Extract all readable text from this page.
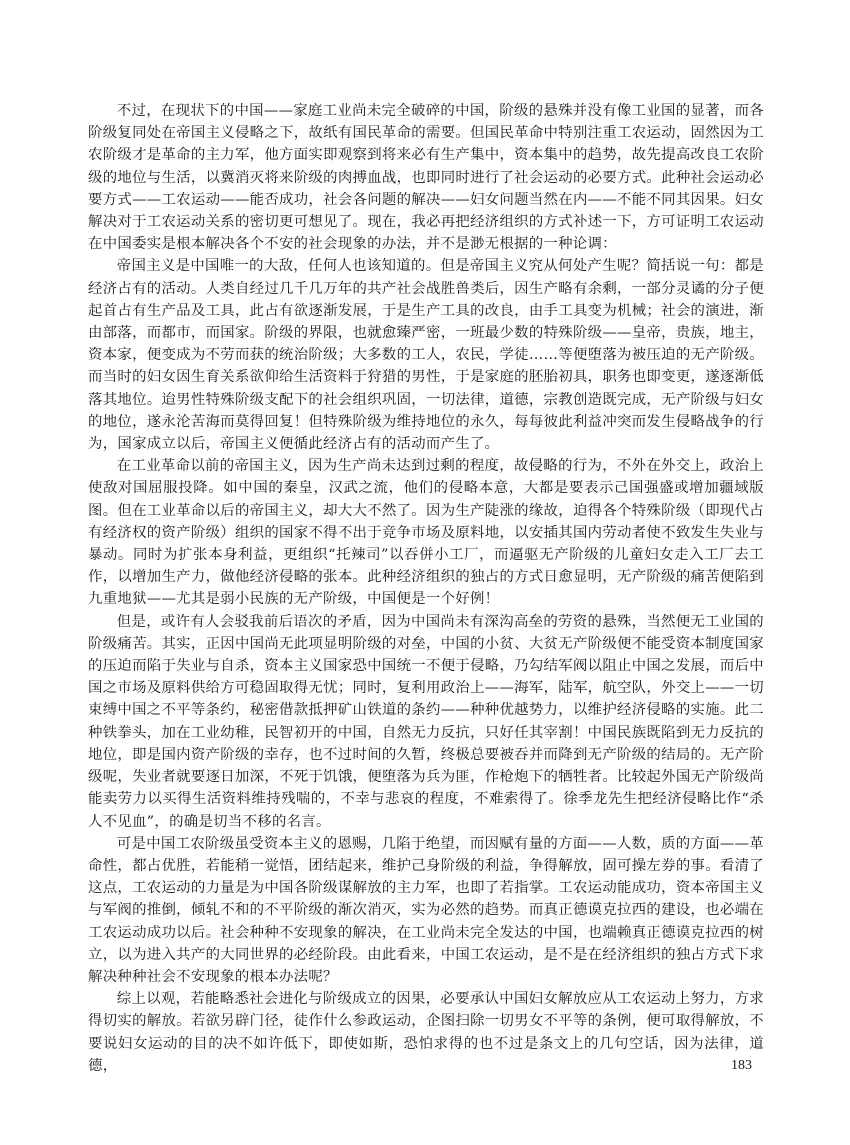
不过，在现状下的中国——家庭工业尚未完全破碎的中国，阶级的悬殊并没有像工业国的显著，而各阶级复同处在帝国主义侵略之下，故纸有国民革命的需要。但国民革命中特别注重工农运动，固然因为工农阶级才是革命的主力军，他方面实即观察到将来必有生产集中，资本集中的趋势，故先提高改良工农阶级的地位与生活，以冀消灭将来阶级的肉搏血战，也即同时进行了社会运动的必要方式。此种社会运动必要方式——工农运动——能否成功，社会各问题的解决——妇女问题当然在内——不能不同其因果。妇女解决对于工农运动关系的密切更可想见了。现在，我必再把经济组织的方式补述一下，方可证明工农运动在中国委实是根本解决各个不安的社会现象的办法，并不是渺无根据的一种论调：

帝国主义是中国唯一的大敌，任何人也该知道的。但是帝国主义究从何处产生呢？简括说一句：都是经济占有的活动。人类自经过几千几万年的共产社会战胜兽类后，因生产略有余剩，一部分灵谲的分子便起首占有生产品及工具，此占有欲逐渐发展，于是生产工具的改良，由手工具变为机械；社会的演进，渐由部落，而都市，而国家。阶级的界限，也就愈臻严密，一班最少数的特殊阶级——皇帝，贵族，地主，资本家，便变成为不劳而获的统治阶级；大多数的工人，农民，学徒……等便堕落为被压迫的无产阶级。而当时的妇女因生育关系欲仰给生活资料于狩猎的男性，于是家庭的胚胎初具，职务也即变更，遂逐渐低落其地位。迨男性特殊阶级支配下的社会组织巩固，一切法律，道德，宗教创造既完成，无产阶级与妇女的地位，遂永沦苦海而莫得回复！但特殊阶级为维持地位的永久，每每彼此利益冲突而发生侵略战争的行为，国家成立以后，帝国主义便循此经济占有的活动而产生了。

在工业革命以前的帝国主义，因为生产尚未达到过剩的程度，故侵略的行为，不外在外交上，政治上使敌对国屈服投降。如中国的秦皇，汉武之流，他们的侵略本意，大都是要表示己国强盛或增加疆域版图。但在工业革命以后的帝国主义，却大大不然了。因为生产陡涨的缘故，迫得各个特殊阶级（即现代占有经济权的资产阶级）组织的国家不得不出于竞争市场及原料地，以安插其国内劳动者使不致发生失业与暴动。同时为扩张本身利益，更组织“托辣司”以吞併小工厂，而逼驱无产阶级的儿童妇女走入工厂去工作，以增加生产力，做他经济侵略的张本。此种经济组织的独占的方式日愈显明，无产阶级的痛苦便陷到九重地狱——尤其是弱小民族的无产阶级，中国便是一个好例！

但是，或许有人会驳我前后语次的矛盾，因为中国尚未有深沟高垒的劳资的悬殊，当然便无工业国的阶级痛苦。其实，正因中国尚无此项显明阶级的对垒，中国的小贫、大贫无产阶级便不能受资本制度国家的压迫而陷于失业与自杀，资本主义国家恐中国统一不便于侵略，乃勾结军阀以阻止中国之发展，而后中国之市场及原料供给方可稳固取得无忧；同时，复利用政治上——海军，陆军，航空队，外交上——一切束缚中国之不平等条约，秘密借款抵押矿山铁道的条约——种种优越势力，以维护经济侵略的实施。此二种铁拳头，加在工业幼稚，民智初开的中国，自然无力反抗，只好任其宰割！中国民族既陷到无力反抗的地位，即是国内资产阶级的幸存，也不过时间的久暂，终极总要被吞并而降到无产阶级的结局的。无产阶级呢，失业者就要逐日加深，不死于饥饿，便堕落为兵为匪，作枪炮下的牺牲者。比较起外国无产阶级尚能卖劳力以买得生活资料维持残喘的，不幸与悲哀的程度，不难索得了。徐季龙先生把经济侵略比作“杀人不见血”，的确是切当不移的名言。

可是中国工农阶级虽受资本主义的恩赐，几陷于绝望，而因赋有量的方面——人数，质的方面——革命性，都占优胜，若能稍一觉悟，团结起来，维护己身阶级的利益，争得解放，固可操左券的事。看清了这点，工农运动的力量是为中国各阶级谋解放的主力军，也即了若指掌。工农运动能成功，资本帝国主义与军阀的推倒，倾轧不和的不平阶级的渐次消灭，实为必然的趋势。而真正德谟克拉西的建设，也必端在工农运动成功以后。社会种种不安现象的解决，在工业尚未完全发达的中国，也端赖真正德谟克拉西的树立，以为进入共产的大同世界的必经阶段。由此看来，中国工农运动，是不是在经济组织的独占方式下求解决种种社会不安现象的根本办法呢？

综上以观，若能略悉社会进化与阶级成立的因果，必要承认中国妇女解放应从工农运动上努力，方求得切实的解放。若欲另辟门径，徒作什么参政运动，企图扫除一切男女不平等的条例，便可取得解放，不要说妇女运动的目的决不如许低下，即使如斯，恐怕求得的也不过是条文上的几句空话，因为法律，道德，	183
